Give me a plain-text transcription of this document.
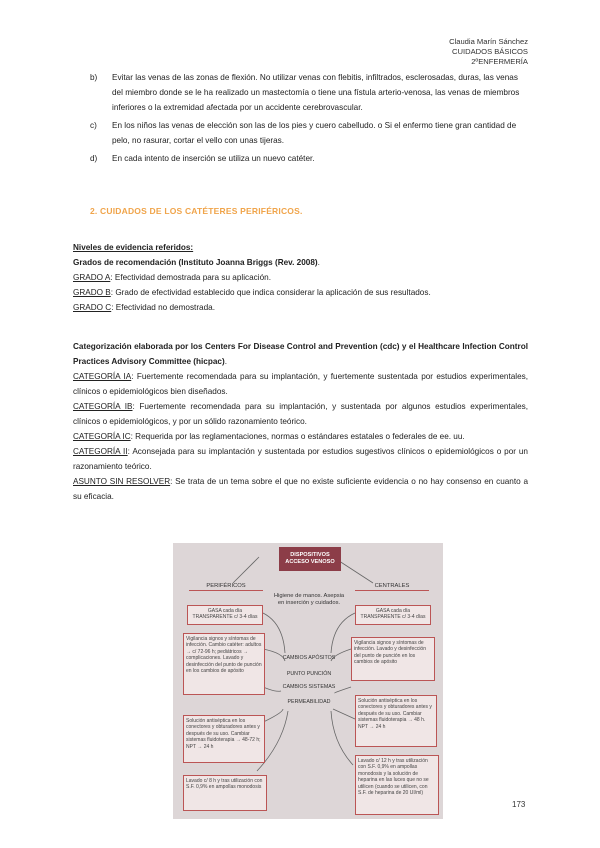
Claudia Marín Sánchez
CUIDADOS BÁSICOS
2ºENFERMERÍA
b) Evitar las venas de las zonas de flexión. No utilizar venas con flebitis, infiltrados, esclerosadas, duras, las venas del miembro donde se le ha realizado un mastectomía o tiene una fístula arterio-venosa, las venas de miembros inferiores o la extremidad afectada por un accidente cerebrovascular.
c) En los niños las venas de elección son las de los pies y cuero cabelludo. o Si el enfermo tiene gran cantidad de pelo, no rasurar, cortar el vello con unas tijeras.
d) En cada intento de inserción se utiliza un nuevo catéter.
2. CUIDADOS DE LOS CATÉTERES PERIFÉRICOS.
Niveles de evidencia referidos:
Grados de recomendación (Instituto Joanna Briggs (Rev. 2008).
GRADO A: Efectividad demostrada para su aplicación.
GRADO B: Grado de efectividad establecido que indica considerar la aplicación de sus resultados.
GRADO C: Efectividad no demostrada.
Categorización elaborada por los Centers For Disease Control and Prevention (cdc) y el Healthcare Infection Control Practices Advisory Committee (hicpac).
CATEGORÍA IA: Fuertemente recomendada para su implantación, y fuertemente sustentada por estudios experimentales, clínicos o epidemiológicos bien diseñados.
CATEGORÍA IB: Fuertemente recomendada para su implantación, y sustentada por algunos estudios experimentales, clínicos o epidemiológicos, y por un sólido razonamiento teórico.
CATEGORÍA IC: Requerida por las reglamentaciones, normas o estándares estatales o federales de ee. uu.
CATEGORÍA II: Aconsejada para su implantación y sustentada por estudios sugestivos clínicos o epidemiológicos o por un razonamiento teórico.
ASUNTO SIN RESOLVER: Se trata de un tema sobre el que no existe suficiente evidencia o no hay consenso en cuanto a su eficacia.
DISPOSITIVOS ACCESO VENOSO
PERIFÉRICOS	CENTRALES
Higiene de manos. Asepsia en inserción y cuidados.
GASA cada día TRANSPARENTE c/ 3-4 días
GASA cada día TRANSPARENTE c/ 3-4 días
Vigilancia signos y síntomas de infección. Cambio catéter: adultos → c/ 72-96 h; pediátricos → complicaciones. Lavado y desinfección del punto de punción en los cambios de apósito
Vigilancia signos y síntomas de infección. Lavado y desinfección del punto de punción en los cambios de apósito
CAMBIOS APÓSITOS
PUNTO PUNCIÓN
CAMBIOS SISTEMAS
PERMEABILIDAD
Solución antiséptica en los conectores y obturadores antes y después de su uso. Cambiar sistemas fluidoterapia → 48-72 h; NPT → 24 h
Solución antiséptica en los conectores y obturadores antes y después de su uso. Cambiar sistemas fluidoterapia → 48 h. NPT → 24 h
Lavado c/ 8 h y tras utilización con S.F. 0,9% en ampollas monodosis
Lavado c/ 12 h y tras utilización con S.F. 0,9% en ampollas monodosis y la solución de heparina en las luces que no se utilicen (cuando se utilicen, con S.F. de heparina de 20 UI/ml)
173
